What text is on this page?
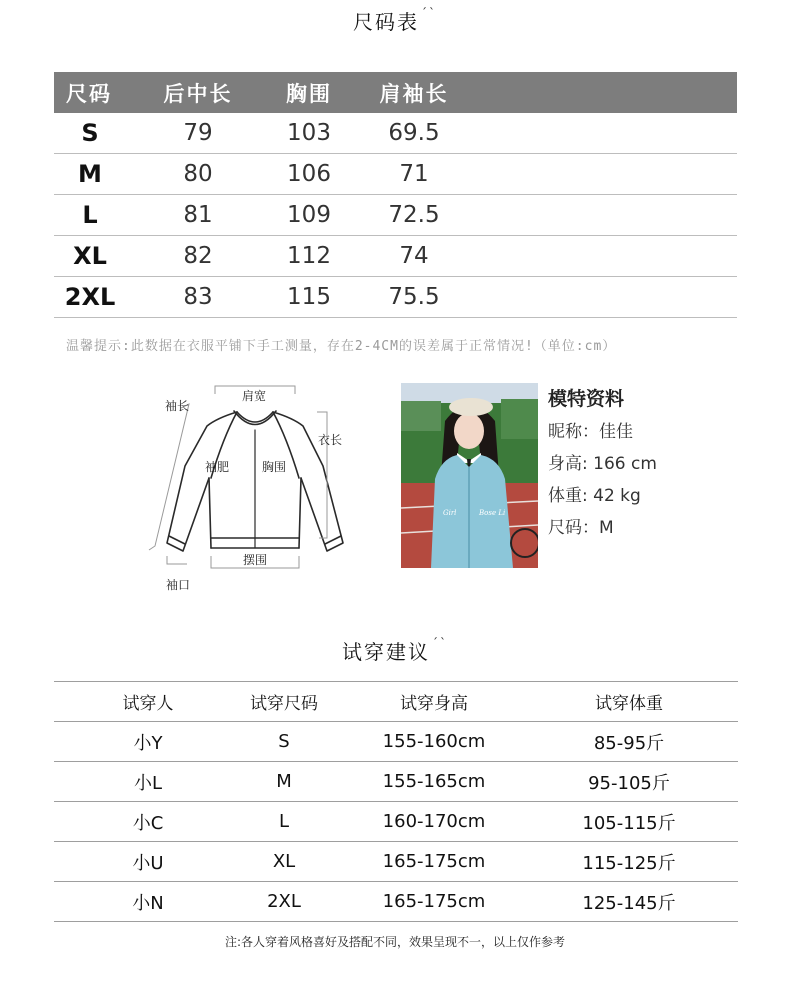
尺码表 $^{ˊˋ}$
尺码	后中长	胸围	肩袖长
S	79	103	69.5
M	80	106	71
L	81	109	72.5
XL	82	112	74
2XL	83	115	75.5
温馨提示:此数据在衣服平铺下手工测量，存在2-4CM的误差属于正常情况!（单位:cm）
肩宽
袖长
衣长
袖肥	胸围
摆围
袖口
Girl	Bose Li
模特资料
昵称：佳佳
身高: 166 cm
体重: 42 kg
尺码：M
试穿建议 $^{ˊˋ}$
试穿人	试穿尺码	试穿身高	试穿体重
小Y	S	155-160cm	85-95斤
小L	M	155-165cm	95-105斤
小C	L	160-170cm	105-115斤
小U	XL	165-175cm	115-125斤
小N	2XL	165-175cm	125-145斤
注:各人穿着风格喜好及搭配不同，效果呈现不一，以上仅作参考
